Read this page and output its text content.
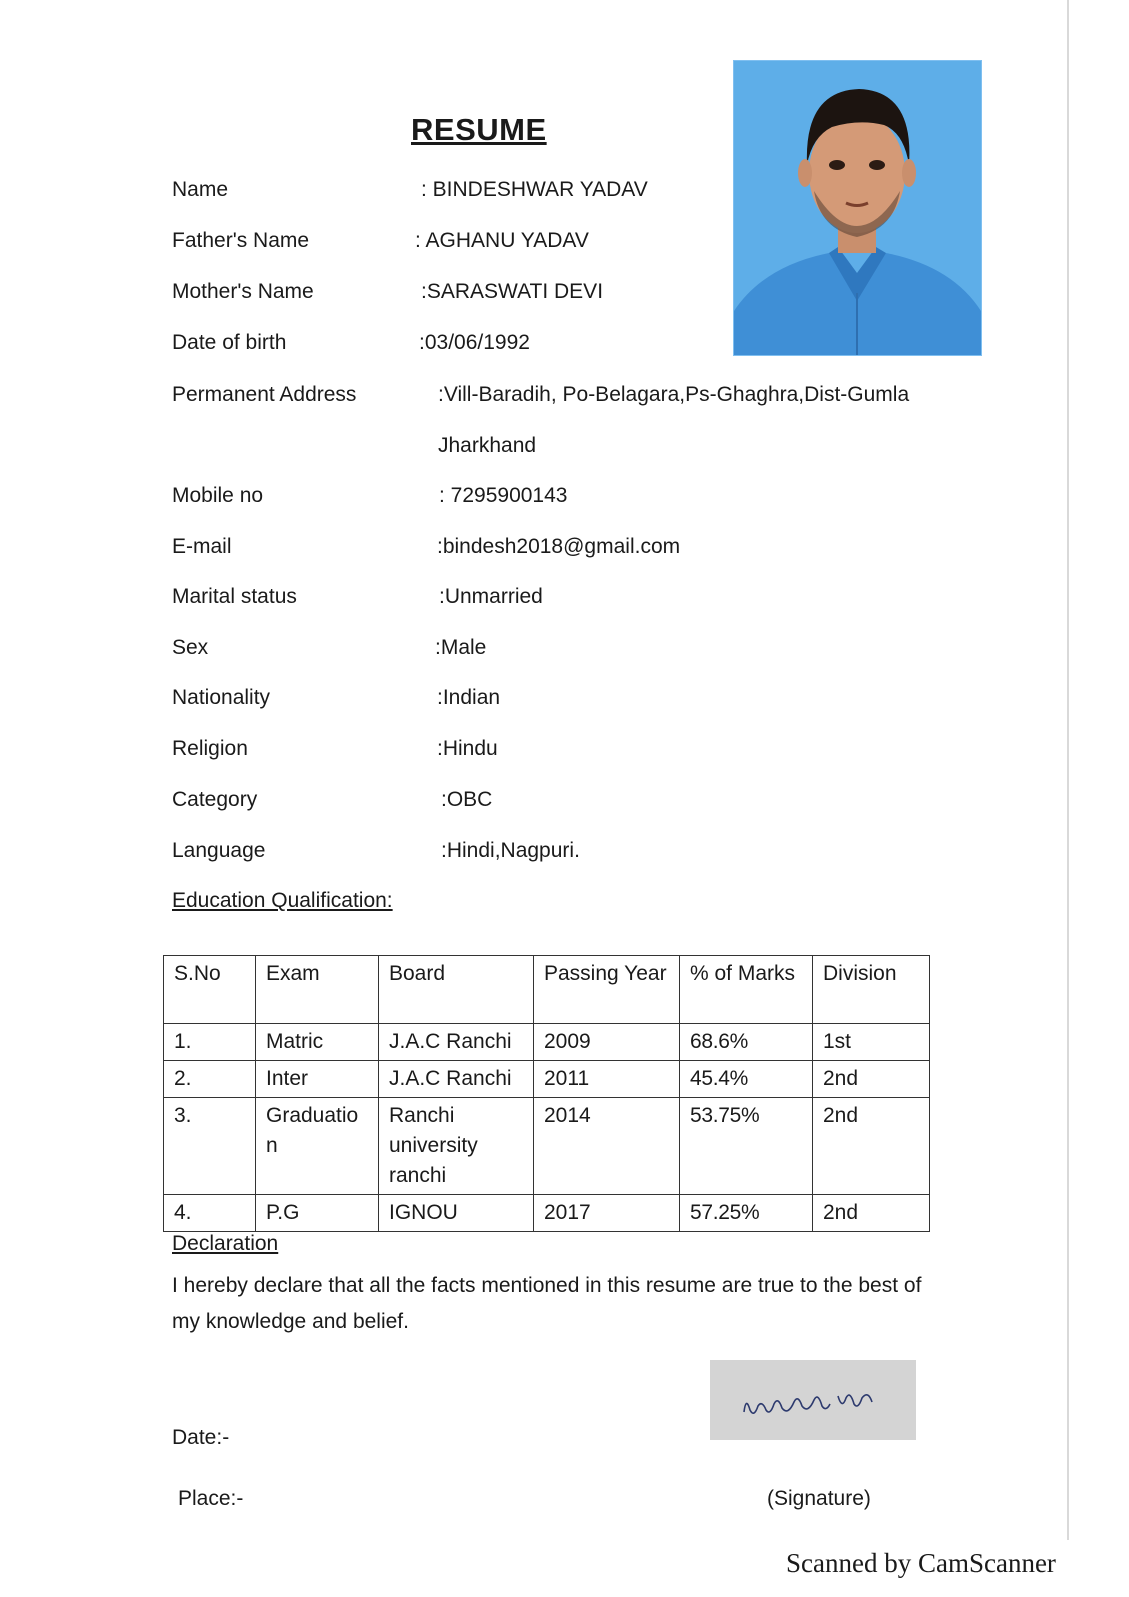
RESUME
Name	: BINDESHWAR YADAV
Father's Name	: AGHANU YADAV
Mother's Name	:SARASWATI DEVI
Date of birth	:03/06/1992
Permanent Address	:Vill-Baradih, Po-Belagara,Ps-Ghaghra,Dist-Gumla
Jharkhand
Mobile no	: 7295900143
E-mail	:bindesh2018@gmail.com
Marital status	:Unmarried
Sex	:Male
Nationality	:Indian
Religion	:Hindu
Category	:OBC
Language	:Hindi,Nagpuri.
Education Qualification:
S.No	Exam	Board	Passing Year	% of Marks	Division
1.	Matric	J.A.C Ranchi	2009	68.6%	1st
2.	Inter	J.A.C Ranchi	2011	45.4%	2nd
3.	Graduation	Ranchi university ranchi	2014	53.75%	2nd
4.	P.G	IGNOU	2017	57.25%	2nd
Declaration

I hereby declare that all the facts mentioned in this resume are true to the best of my knowledge and belief.

Date:-
Place:-	(Signature)
Scanned by CamScanner
